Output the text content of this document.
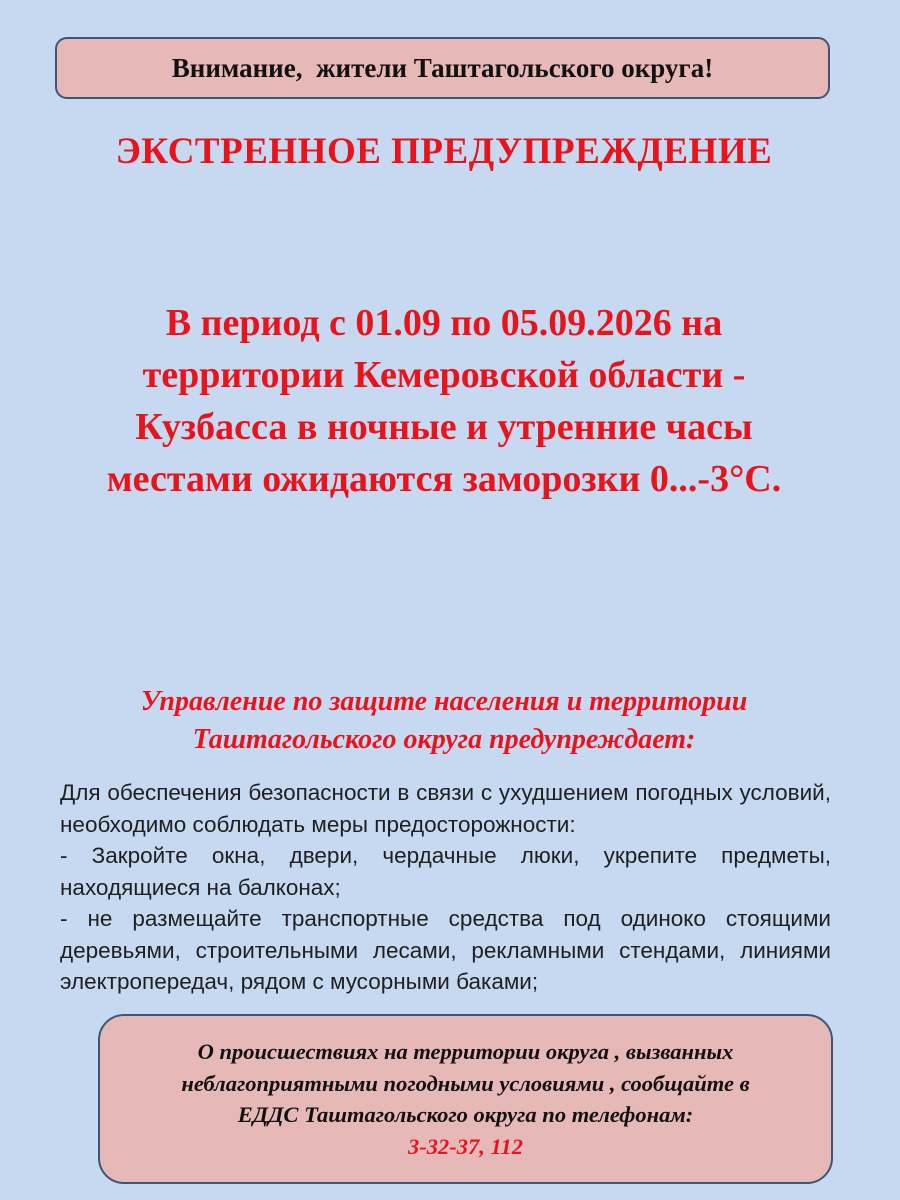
Внимание,  жители Таштагольского округа!
ЭКСТРЕННОЕ ПРЕДУПРЕЖДЕНИЕ
В период с 01.09 по 05.09.2026 на
территории Кемеровской области -
Кузбасса в ночные и утренние часы
местами ожидаются заморозки 0...-3°С.
Управление по защите населения и территории
Таштагольского округа предупреждает:

Для обеспечения безопасности в связи с ухудшением погодных условий, необходимо соблюдать меры предосторожности:

- Закройте окна, двери, чердачные люки, укрепите предметы, находящиеся на балконах;

- не размещайте транспортные средства под одиноко стоящими деревьями, строительными лесами, рекламными стендами, линиями электропередач, рядом с мусорными баками;

О происшествиях на территории округа , вызванных
неблагоприятными погодными условиями , сообщайте в
ЕДДС Таштагольского округа по телефонам:
3-32-37, 112
